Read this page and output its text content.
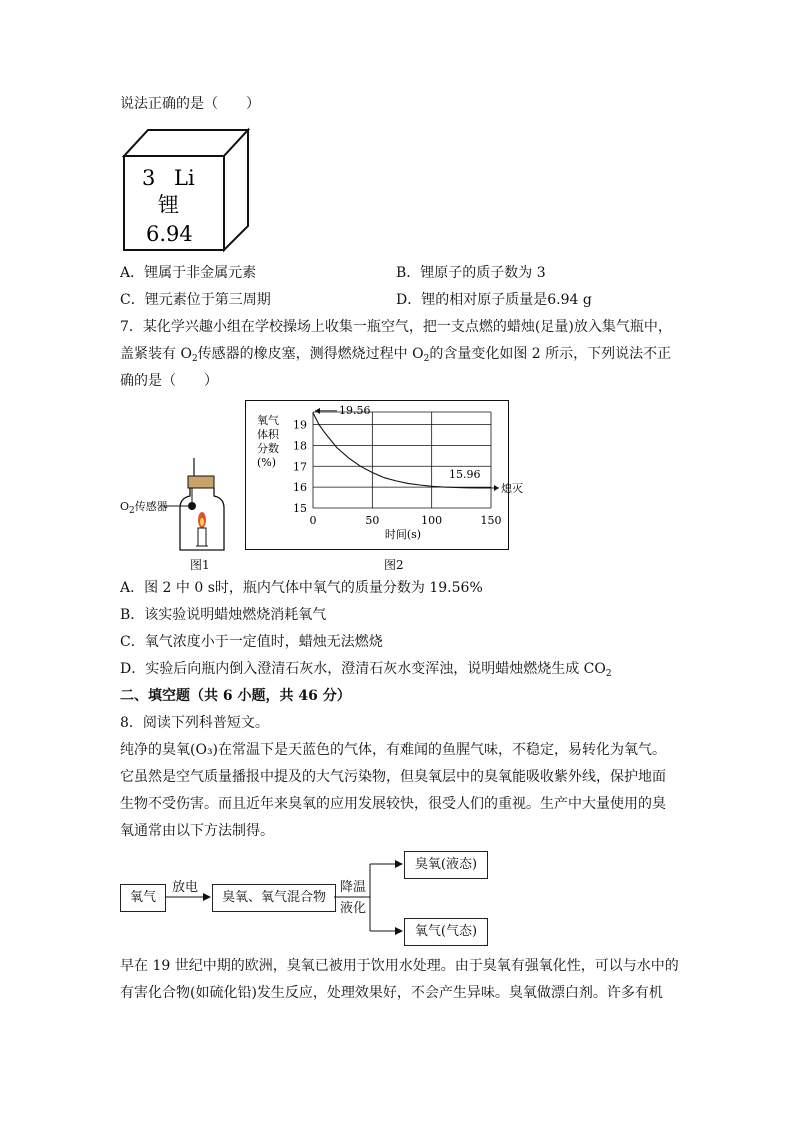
说法正确的是（　　）
3 Li
锂
6.94
A．锂属于非金属元素	B．锂原子的质子数为 3
C．锂元素位于第三周期	D．锂的相对原子质量是6.94 g
7．某化学兴趣小组在学校操场上收集一瓶空气，把一支点燃的蜡烛(足量)放入集气瓶中，
盖紧装有 $O_2$传感器的橡皮塞，测得燃烧过程中 $O_2$的含量变化如图 2 所示，下列说法不正
确的是（　　）
$O_2$传感器
图1
氧气
体积
分数
(%)
15
16
17
18
19
0	50	100	150
19.56
15.96
熄灭
时间(s)
图2
A．图 2 中 0 s时，瓶内气体中氧气的质量分数为 19.56%
B．该实验说明蜡烛燃烧消耗氧气
C．氧气浓度小于一定值时，蜡烛无法燃烧
D．实验后向瓶内倒入澄清石灰水，澄清石灰水变浑浊，说明蜡烛燃烧生成 $CO_2$
二、填空题（共 6 小题，共 46 分）
8．阅读下列科普短文。
纯净的臭氧(O₃)在常温下是天蓝色的气体，有难闻的鱼腥气味，不稳定，易转化为氧气。
它虽然是空气质量播报中提及的大气污染物，但臭氧层中的臭氧能吸收紫外线，保护地面
生物不受伤害。而且近年来臭氧的应用发展较快，很受人们的重视。生产中大量使用的臭
氧通常由以下方法制得。
氧气
放电
臭氧、氧气混合物
降温
液化
臭氧(液态)
氧气(气态)
早在 19 世纪中期的欧洲，臭氧已被用于饮用水处理。由于臭氧有强氧化性，可以与水中的
有害化合物(如硫化铅)发生反应，处理效果好，不会产生异味。臭氧做漂白剂。许多有机
